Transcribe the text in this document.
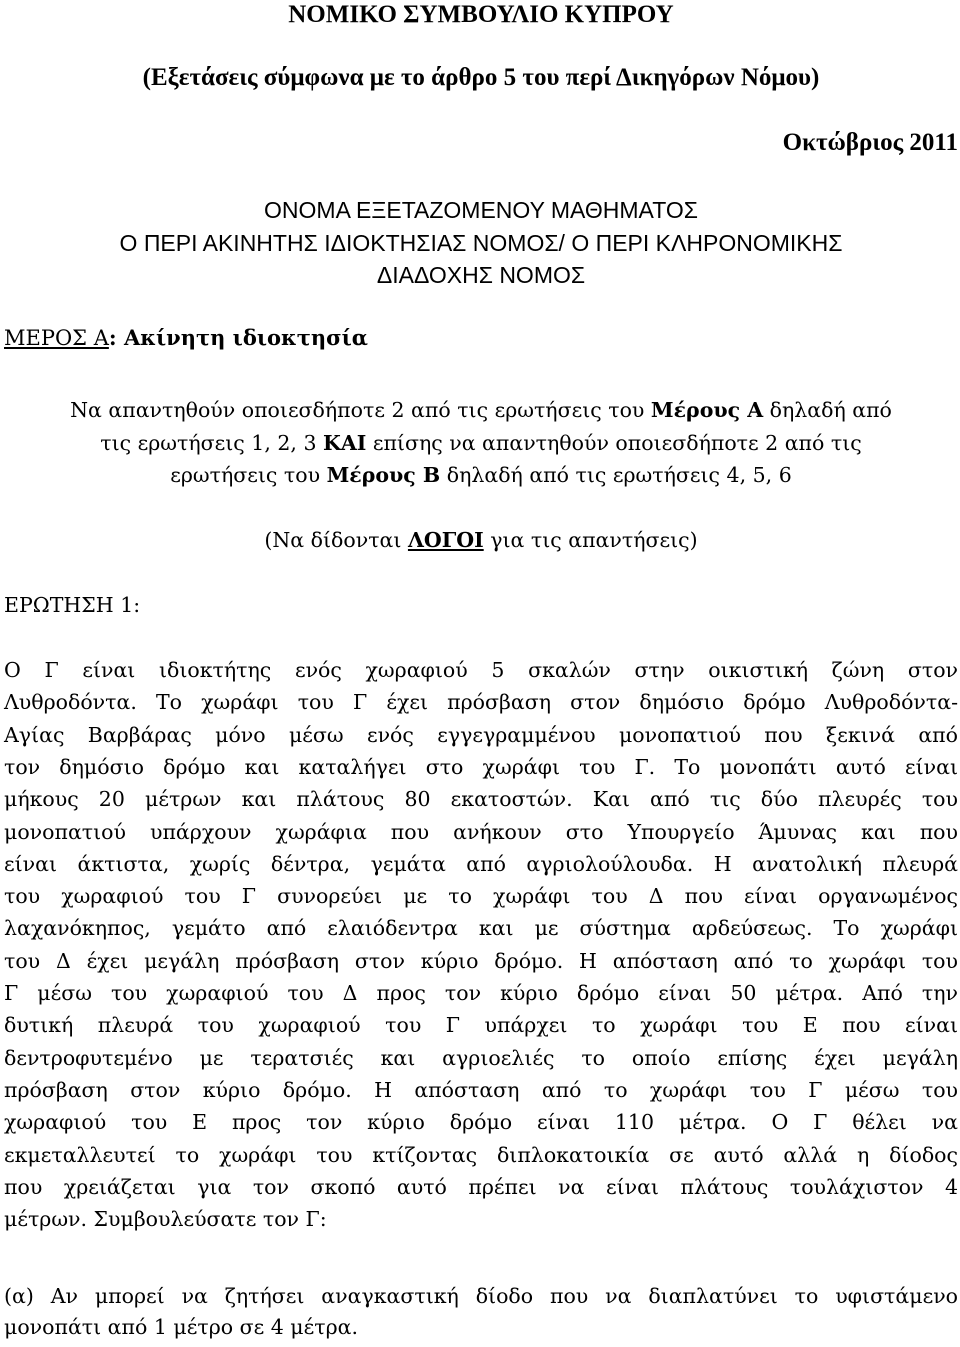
ΝΟΜΙΚΟ ΣΥΜΒΟΥΛΙΟ ΚΥΠΡΟΥ
(Εξετάσεις σύμφωνα με το άρθρο 5 του περί Δικηγόρων Νόμου)
Οκτώβριος 2011
ΟΝΟΜΑ ΕΞΕΤΑΖΟΜΕΝΟΥ ΜΑΘΗΜΑΤΟΣ
Ο ΠΕΡΙ ΑΚΙΝΗΤΗΣ ΙΔΙΟΚΤΗΣΙΑΣ ΝΟΜΟΣ/ Ο ΠΕΡΙ ΚΛΗΡΟΝΟΜΙΚΗΣ
ΔΙΑΔΟΧΗΣ ΝΟΜΟΣ
ΜΕΡΟΣ Α: Ακίνητη ιδιοκτησία
Να απαντηθούν οποιεσδήποτε 2 από τις ερωτήσεις του Μέρους Α δηλαδή από
τις ερωτήσεις 1, 2, 3 ΚΑΙ επίσης να απαντηθούν οποιεσδήποτε 2 από τις
ερωτήσεις του Μέρους Β δηλαδή από τις ερωτήσεις 4, 5, 6
(Να δίδονται ΛΟΓΟΙ για τις απαντήσεις)
ΕΡΩΤΗΣΗ 1:
Ο Γ είναι ιδιοκτήτης ενός χωραφιού 5 σκαλών στην οικιστική ζώνη στον
Λυθροδόντα. Το χωράφι του Γ έχει πρόσβαση στον δημόσιο δρόμο Λυθροδόντα-
Αγίας Βαρβάρας μόνο μέσω ενός εγγεγραμμένου μονοπατιού που ξεκινά από
τον δημόσιο δρόμο και καταλήγει στο χωράφι του Γ. Το μονοπάτι αυτό είναι
μήκους 20 μέτρων και πλάτους 80 εκατοστών. Και από τις δύο πλευρές του
μονοπατιού υπάρχουν χωράφια που ανήκουν στο Υπουργείο Άμυνας και που
είναι άκτιστα, χωρίς δέντρα, γεμάτα από αγριολούλουδα. Η ανατολική πλευρά
του χωραφιού του Γ συνορεύει με το χωράφι του Δ που είναι οργανωμένος
λαχανόκηπος, γεμάτο από ελαιόδεντρα και με σύστημα αρδεύσεως. Το χωράφι
του Δ έχει μεγάλη πρόσβαση στον κύριο δρόμο. Η απόσταση από το χωράφι του
Γ μέσω του χωραφιού του Δ προς τον κύριο δρόμο είναι 50 μέτρα. Από την
δυτική πλευρά του χωραφιού του Γ υπάρχει το χωράφι του Ε που είναι
δεντροφυτεμένο με τερατσιές και αγριοελιές το οποίο επίσης έχει μεγάλη
πρόσβαση στον κύριο δρόμο. Η απόσταση από το χωράφι του Γ μέσω του
χωραφιού του Ε προς τον κύριο δρόμο είναι 110 μέτρα. Ο Γ θέλει να
εκμεταλλευτεί το χωράφι του κτίζοντας διπλοκατοικία σε αυτό αλλά η δίοδος
που χρειάζεται για τον σκοπό αυτό πρέπει να είναι πλάτους τουλάχιστον 4
μέτρων. Συμβουλεύσατε τον Γ:
(α) Αν μπορεί να ζητήσει αναγκαστική δίοδο που να διαπλατύνει το υφιστάμενο
μονοπάτι από 1 μέτρο σε 4 μέτρα.
